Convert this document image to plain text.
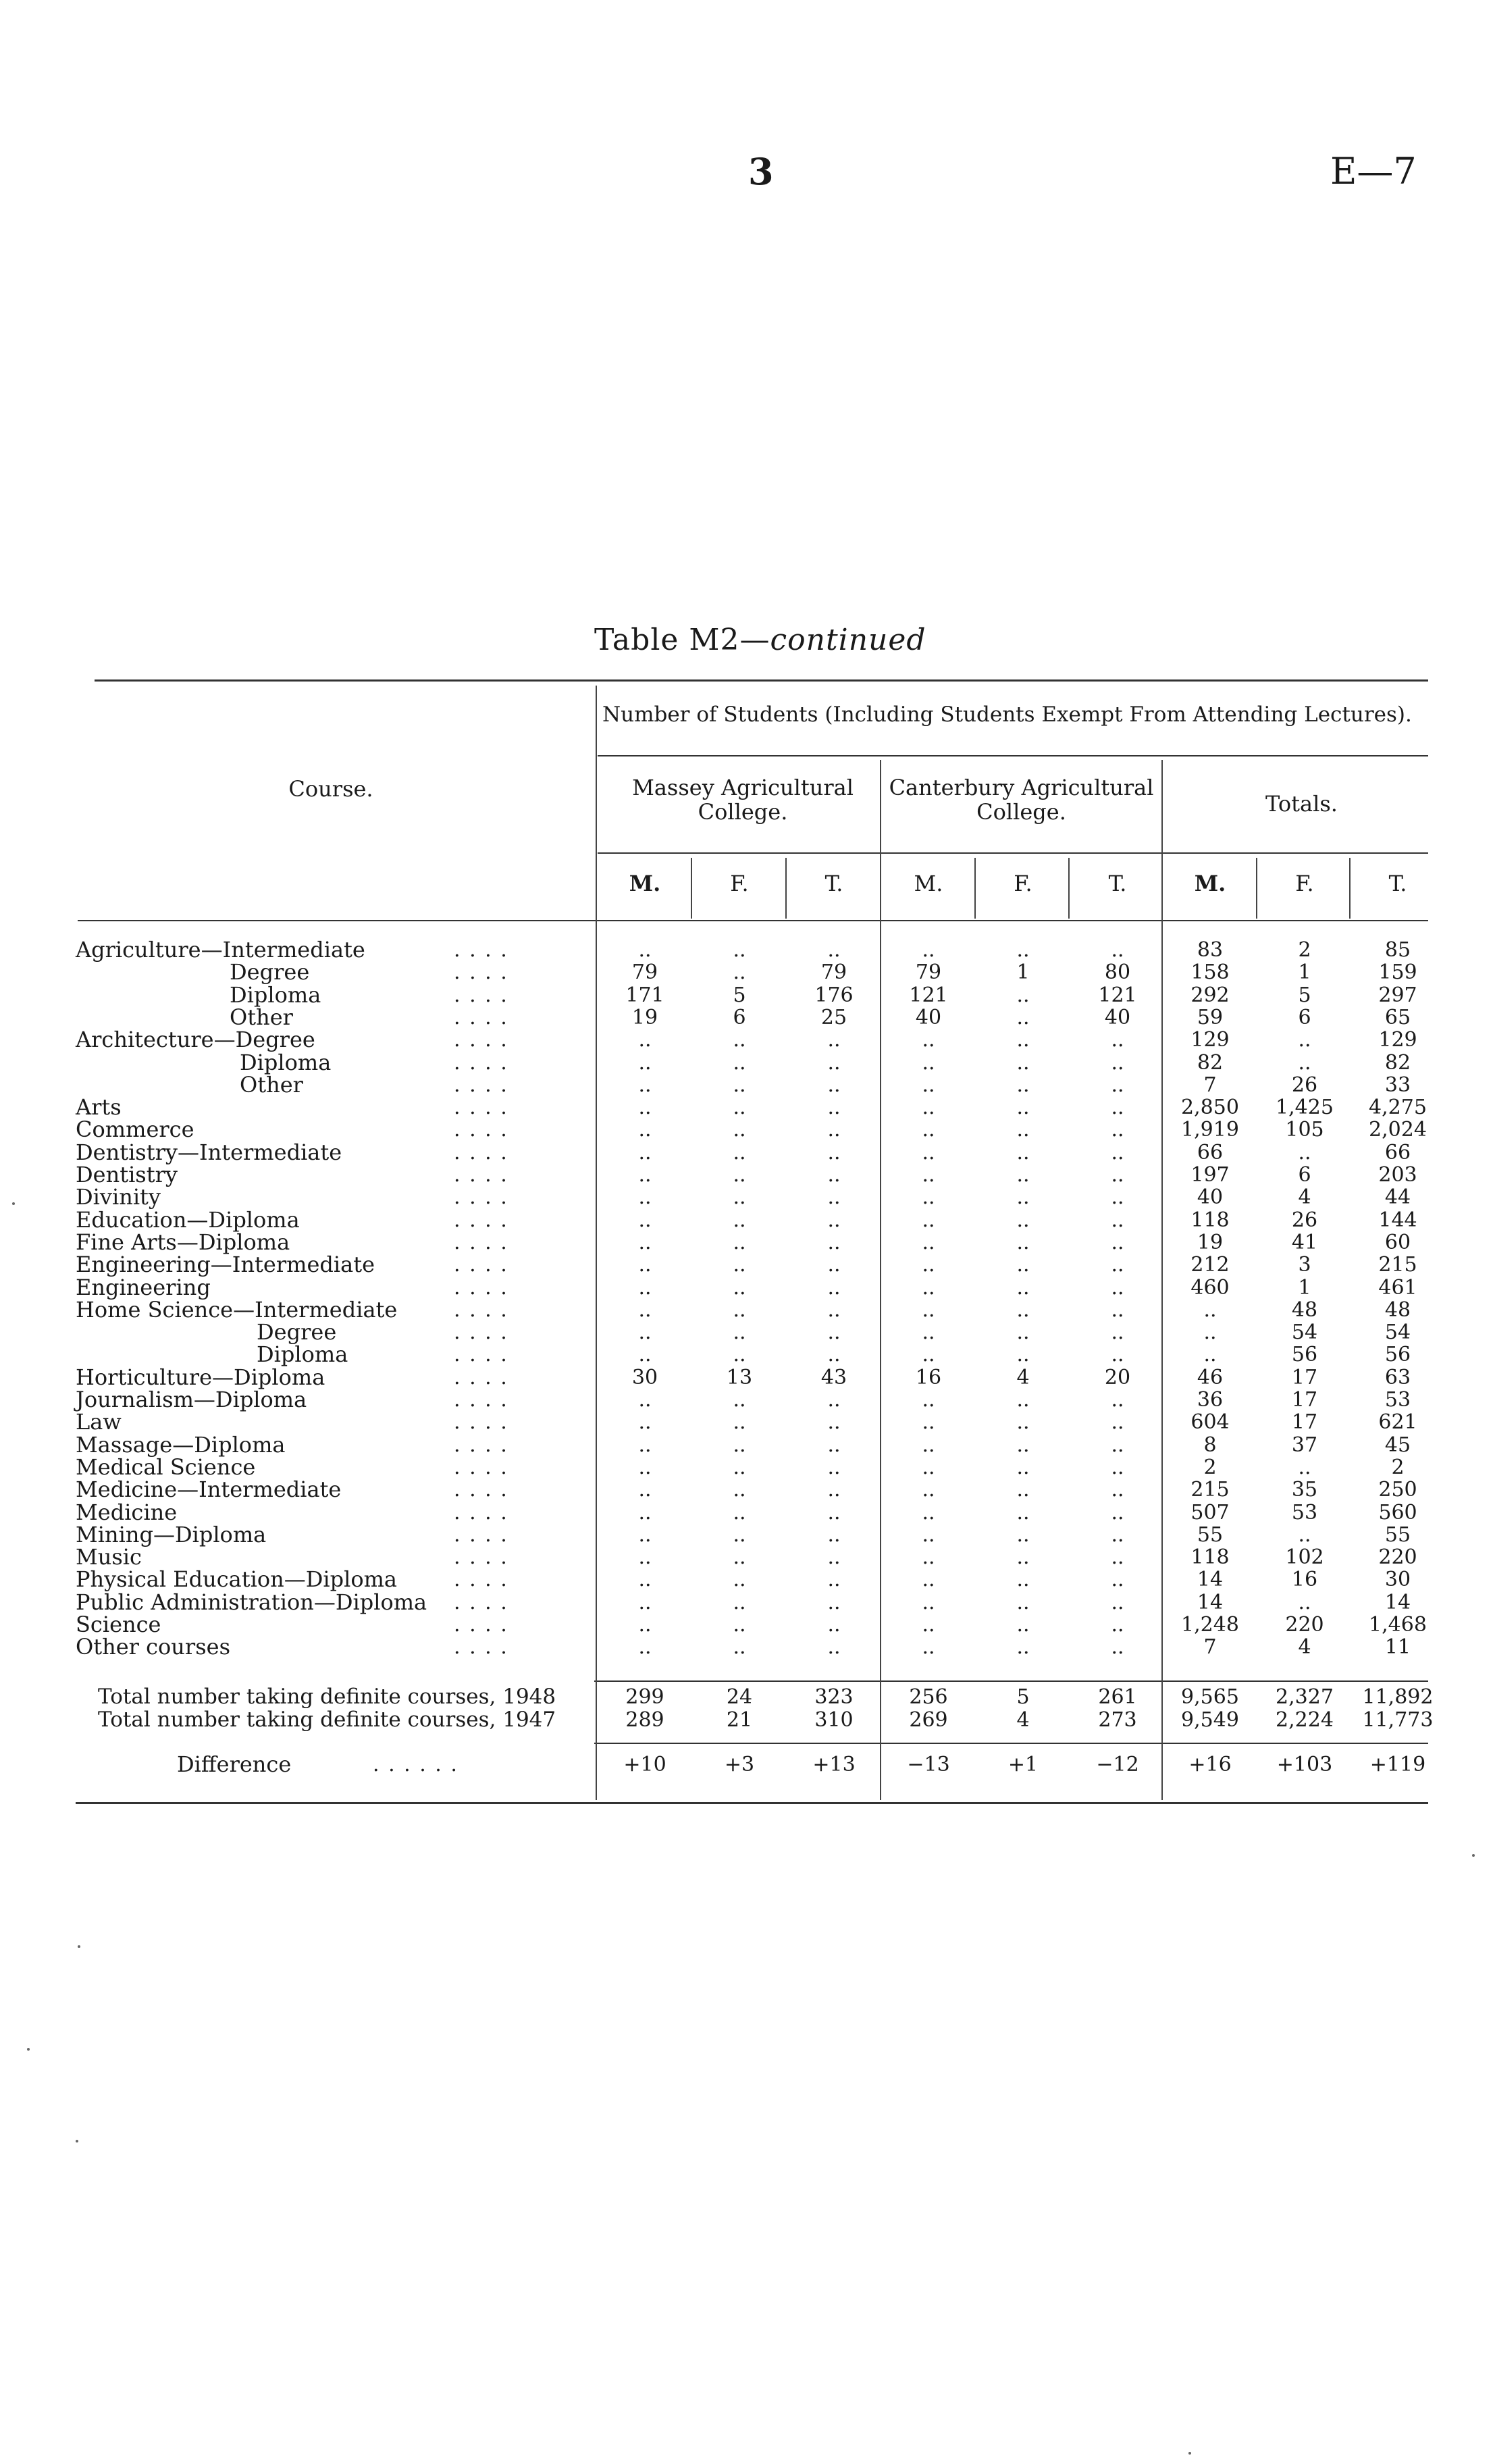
3	E—7
Table M2—continued
Course.
Number of Students (Including Students Exempt From Attending Lectures).
Massey Agricultural College.
Canterbury Agricultural College.	Totals.
M.	F.	T.	M.	F.	T.	M.	F.	T.
Agriculture—Intermediate	. . . .	..	..	..	..	..	..	83	2	85
Degree	. . . .	79	..	79	79	1	80	158	1	159
Diploma	. . . .	171	5	176	121	..	121	292	5	297
Other	. . . .	19	6	25	40	..	40	59	6	65
Architecture—Degree	. . . .	..	..	..	..	..	..	129	..	129
Diploma	. . . .	..	..	..	..	..	..	82	..	82
Other	. . . .	..	..	..	..	..	..	7	26	33
Arts	. . . .	..	..	..	..	..	..	2,850	1,425	4,275
Commerce	. . . .	..	..	..	..	..	..	1,919	105	2,024
Dentistry—Intermediate	. . . .	..	..	..	..	..	..	66	..	66
Dentistry	. . . .	..	..	..	..	..	..	197	6	203
Divinity	. . . .	..	..	..	..	..	..	40	4	44
Education—Diploma	. . . .	..	..	..	..	..	..	118	26	144
Fine Arts—Diploma	. . . .	..	..	..	..	..	..	19	41	60
Engineering—Intermediate	. . . .	..	..	..	..	..	..	212	3	215
Engineering	. . . .	..	..	..	..	..	..	460	1	461
Home Science—Intermediate	. . . .	..	..	..	..	..	..	..	48	48
Degree	. . . .	..	..	..	..	..	..	..	54	54
Diploma	. . . .	..	..	..	..	..	..	..	56	56
Horticulture—Diploma	. . . .	30	13	43	16	4	20	46	17	63
Journalism—Diploma	. . . .	..	..	..	..	..	..	36	17	53
Law	. . . .	..	..	..	..	..	..	604	17	621
Massage—Diploma	. . . .	..	..	..	..	..	..	8	37	45
Medical Science	. . . .	..	..	..	..	..	..	2	..	2
Medicine—Intermediate	. . . .	..	..	..	..	..	..	215	35	250
Medicine	. . . .	..	..	..	..	..	..	507	53	560
Mining—Diploma	. . . .	..	..	..	..	..	..	55	..	55
Music	. . . .	..	..	..	..	..	..	118	102	220
Physical Education—Diploma	. . . .	..	..	..	..	..	..	14	16	30
Public Administration—Diploma . . . .	..	..	..	..	..	..	14	..	14
Science	. . . .	..	..	..	..	..	..	1,248	220	1,468
Other courses	. . . .	..	..	..	..	..	..	7	4	11
Total number taking definite courses, 1948	299	24	323	256	5	261	9,565	2,327	11,892
Total number taking definite courses, 1947	289	21	310	269	4	273	9,549	2,224	11,773
Difference	. . . . . .	+10	+3	+13	−13	+1	−12	+16	+103	+119
